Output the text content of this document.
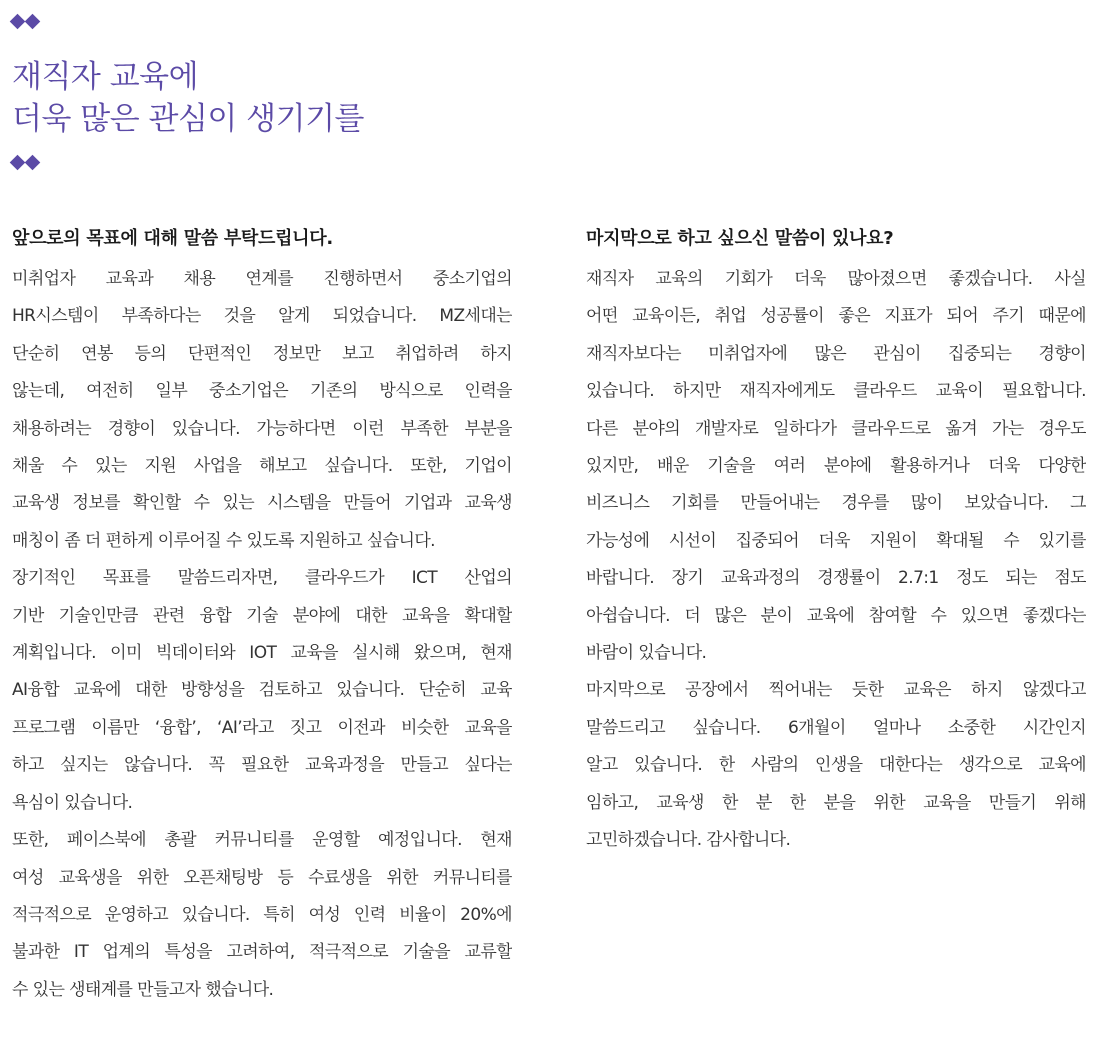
재직자 교육에
더욱 많은 관심이 생기기를
앞으로의 목표에 대해 말씀 부탁드립니다.
미취업자 교육과 채용 연계를 진행하면서 중소기업의
HR시스템이 부족하다는 것을 알게 되었습니다. MZ세대는
단순히 연봉 등의 단편적인 정보만 보고 취업하려 하지
않는데, 여전히 일부 중소기업은 기존의 방식으로 인력을
채용하려는 경향이 있습니다. 가능하다면 이런 부족한 부분을
채울 수 있는 지원 사업을 해보고 싶습니다. 또한, 기업이
교육생 정보를 확인할 수 있는 시스템을 만들어 기업과 교육생
매칭이 좀 더 편하게 이루어질 수 있도록 지원하고 싶습니다.
장기적인 목표를 말씀드리자면, 클라우드가 ICT 산업의
기반 기술인만큼 관련 융합 기술 분야에 대한 교육을 확대할
계획입니다. 이미 빅데이터와 IOT 교육을 실시해 왔으며, 현재
AI융합 교육에 대한 방향성을 검토하고 있습니다. 단순히 교육
프로그램 이름만 ‘융합’, ‘AI’라고 짓고 이전과 비슷한 교육을
하고 싶지는 않습니다. 꼭 필요한 교육과정을 만들고 싶다는
욕심이 있습니다.
또한, 페이스북에 총괄 커뮤니티를 운영할 예정입니다. 현재
여성 교육생을 위한 오픈채팅방 등 수료생을 위한 커뮤니티를
적극적으로 운영하고 있습니다. 특히 여성 인력 비율이 20%에
불과한 IT 업계의 특성을 고려하여, 적극적으로 기술을 교류할
수 있는 생태계를 만들고자 했습니다.
마지막으로 하고 싶으신 말씀이 있나요?
재직자 교육의 기회가 더욱 많아졌으면 좋겠습니다. 사실
어떤 교육이든, 취업 성공률이 좋은 지표가 되어 주기 때문에
재직자보다는 미취업자에 많은 관심이 집중되는 경향이
있습니다. 하지만 재직자에게도 클라우드 교육이 필요합니다.
다른 분야의 개발자로 일하다가 클라우드로 옮겨 가는 경우도
있지만, 배운 기술을 여러 분야에 활용하거나 더욱 다양한
비즈니스 기회를 만들어내는 경우를 많이 보았습니다. 그
가능성에 시선이 집중되어 더욱 지원이 확대될 수 있기를
바랍니다. 장기 교육과정의 경쟁률이 2.7:1 정도 되는 점도
아쉽습니다. 더 많은 분이 교육에 참여할 수 있으면 좋겠다는
바람이 있습니다.
마지막으로 공장에서 찍어내는 듯한 교육은 하지 않겠다고
말씀드리고 싶습니다. 6개월이 얼마나 소중한 시간인지
알고 있습니다. 한 사람의 인생을 대한다는 생각으로 교육에
임하고, 교육생 한 분 한 분을 위한 교육을 만들기 위해
고민하겠습니다. 감사합니다.
